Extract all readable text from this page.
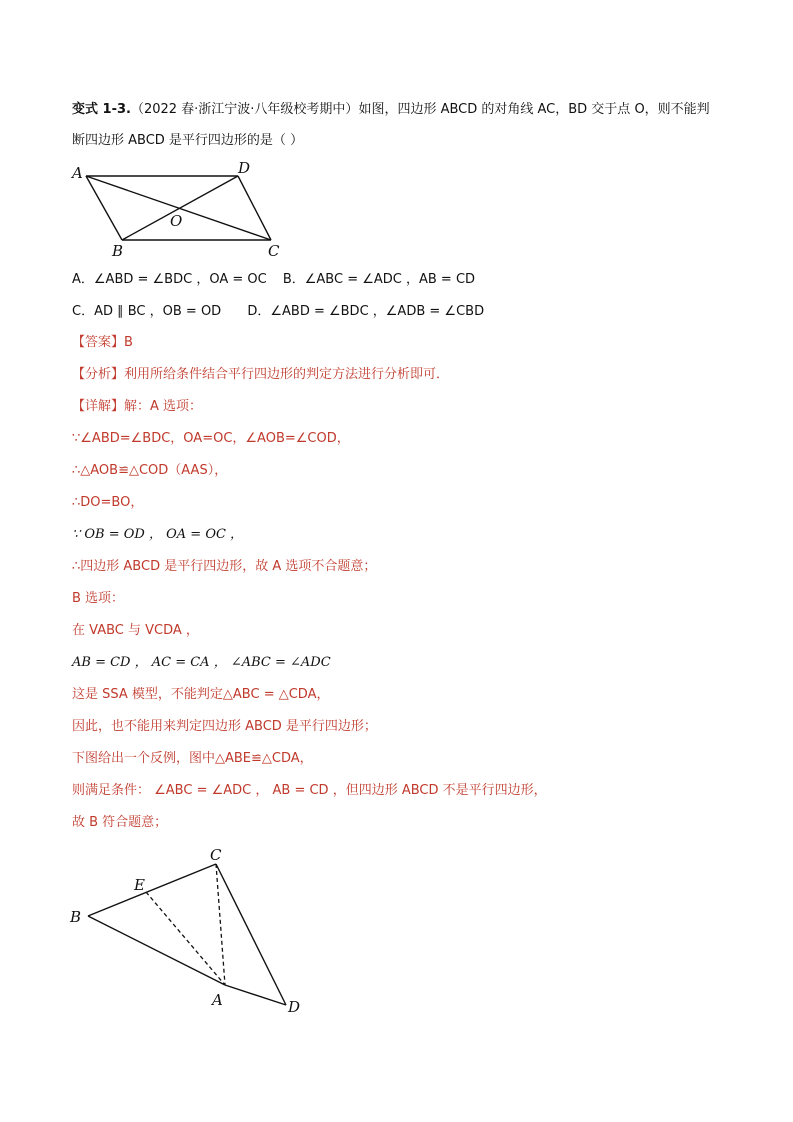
变式 1-3.（2022 春·浙江宁波·八年级校考期中）如图，四边形 ABCD 的对角线 AC，BD 交于点 O，则不能判
断四边形 ABCD 是平行四边形的是（ ）
A	D
O
B	C
A．∠ABD = ∠BDC ，OA = OC B．∠ABC = ∠ADC ，AB = CD
C．AD ∥ BC ，OB = OD D．∠ABD = ∠BDC ，∠ADB = ∠CBD
【答案】B
【分析】利用所给条件结合平行四边形的判定方法进行分析即可．
【详解】解：A 选项：
∵∠ABD=∠BDC，OA=OC，∠AOB=∠COD，
∴△AOB≌△COD（AAS），
∴DO=BO，
∵ OB = OD ， OA = OC ，
∴四边形 ABCD 是平行四边形，故 A 选项不合题意；
B 选项：
在 VABC 与 VCDA ，
AB = CD ， AC = CA ， ∠ABC = ∠ADC
这是 SSA 模型，不能判定△ABC = △CDA，
因此，也不能用来判定四边形 ABCD 是平行四边形；
下图给出一个反例，图中△ABE≌△CDA，
则满足条件： ∠ABC = ∠ADC ， AB = CD ，但四边形 ABCD 不是平行四边形，
故 B 符合题意；
B
E
C
A	D
